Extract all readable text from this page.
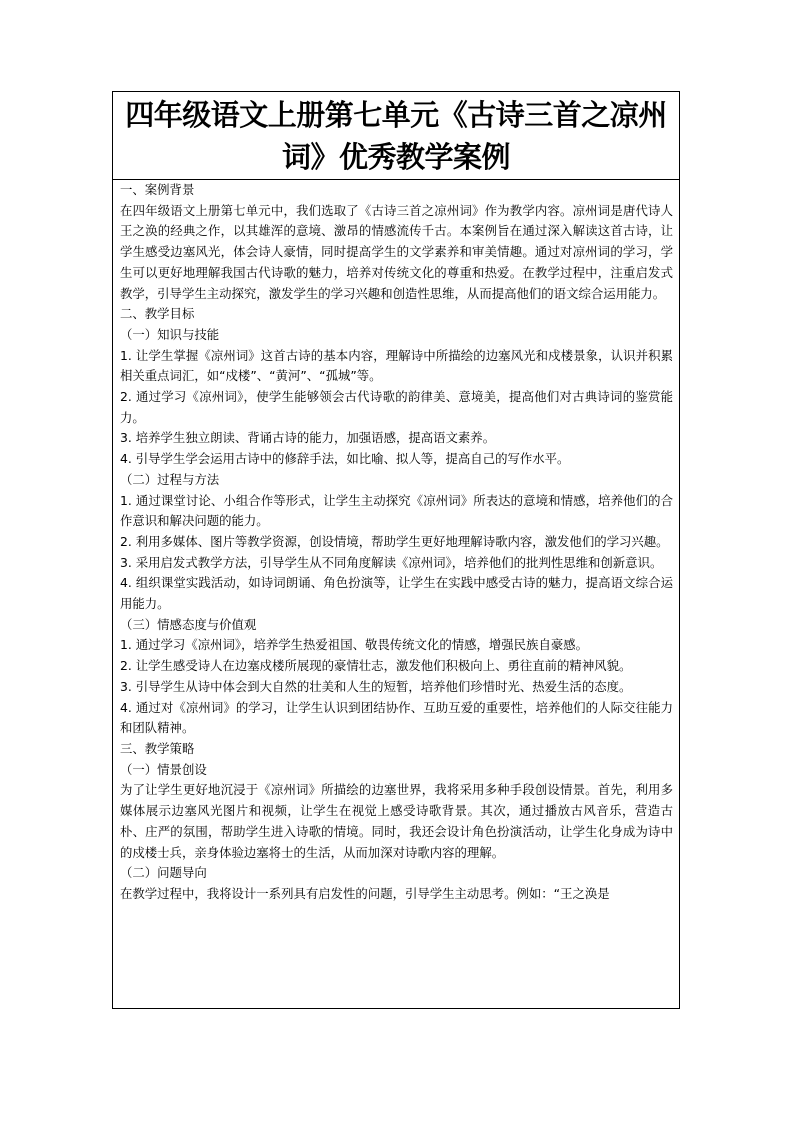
四年级语文上册第七单元《古诗三首之凉州词》优秀教学案例
一、案例背景
在四年级语文上册第七单元中，我们选取了《古诗三首之凉州词》作为教学内容。凉州词是唐代诗人王之涣的经典之作，以其雄浑的意境、激昂的情感流传千古。本案例旨在通过深入解读这首古诗，让学生感受边塞风光，体会诗人豪情，同时提高学生的文学素养和审美情趣。通过对凉州词的学习，学生可以更好地理解我国古代诗歌的魅力，培养对传统文化的尊重和热爱。在教学过程中，注重启发式教学，引导学生主动探究，激发学生的学习兴趣和创造性思维，从而提高他们的语文综合运用能力。
二、教学目标
（一）知识与技能
1. 让学生掌握《凉州词》这首古诗的基本内容，理解诗中所描绘的边塞风光和戍楼景象，认识并积累相关重点词汇，如“戍楼”、“黄河”、“孤城”等。
2. 通过学习《凉州词》，使学生能够领会古代诗歌的韵律美、意境美，提高他们对古典诗词的鉴赏能力。
3. 培养学生独立朗读、背诵古诗的能力，加强语感，提高语文素养。
4. 引导学生学会运用古诗中的修辞手法，如比喻、拟人等，提高自己的写作水平。
（二）过程与方法
1. 通过课堂讨论、小组合作等形式，让学生主动探究《凉州词》所表达的意境和情感，培养他们的合作意识和解决问题的能力。
2. 利用多媒体、图片等教学资源，创设情境，帮助学生更好地理解诗歌内容，激发他们的学习兴趣。
3. 采用启发式教学方法，引导学生从不同角度解读《凉州词》，培养他们的批判性思维和创新意识。
4. 组织课堂实践活动，如诗词朗诵、角色扮演等，让学生在实践中感受古诗的魅力，提高语文综合运用能力。
（三）情感态度与价值观
1. 通过学习《凉州词》，培养学生热爱祖国、敬畏传统文化的情感，增强民族自豪感。
2. 让学生感受诗人在边塞戍楼所展现的豪情壮志，激发他们积极向上、勇往直前的精神风貌。
3. 引导学生从诗中体会到大自然的壮美和人生的短暂，培养他们珍惜时光、热爱生活的态度。
4. 通过对《凉州词》的学习，让学生认识到团结协作、互助互爱的重要性，培养他们的人际交往能力和团队精神。
三、教学策略
（一）情景创设
为了让学生更好地沉浸于《凉州词》所描绘的边塞世界，我将采用多种手段创设情景。首先，利用多媒体展示边塞风光图片和视频，让学生在视觉上感受诗歌背景。其次，通过播放古风音乐，营造古朴、庄严的氛围，帮助学生进入诗歌的情境。同时，我还会设计角色扮演活动，让学生化身成为诗中的戍楼士兵，亲身体验边塞将士的生活，从而加深对诗歌内容的理解。
（二）问题导向
在教学过程中，我将设计一系列具有启发性的问题，引导学生主动思考。例如：“王之涣是
